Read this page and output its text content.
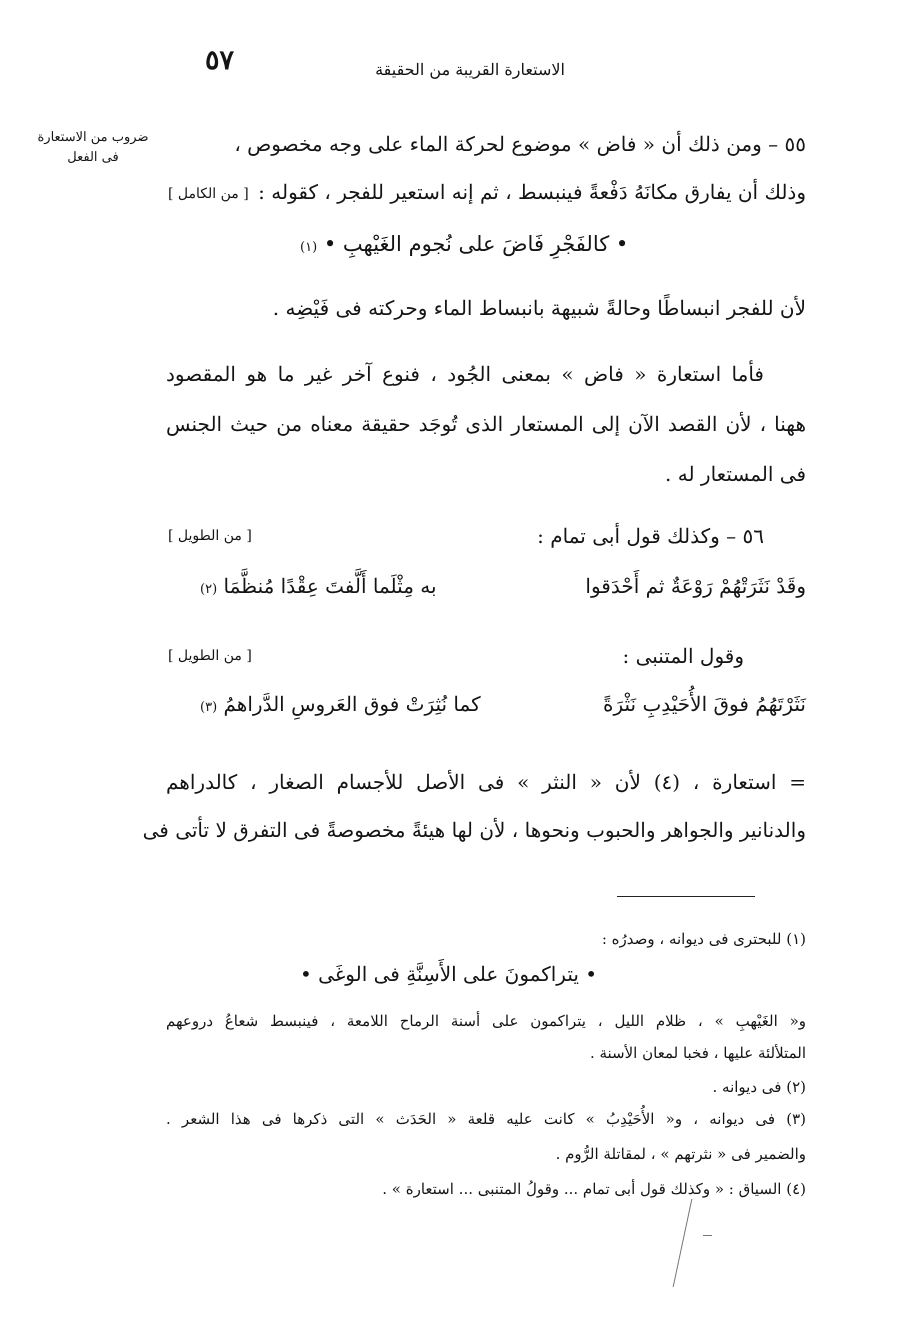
٥٧	الاستعارة القريبة من الحقيقة
ضروب من الاستعارة فى الفعل
٥٥ – ومن ذلك أن « فاض » موضوع لحركة الماء على وجه مخصوص ،
وذلك أن يفارق مكانَهُ دَفْعةً فينبسط ، ثم إنه استعير للفجر ، كقوله :
[ من الكامل ]
• كالفَجْرِ فَاضَ على نُجوم الغَيْهبِ • (١)
لأن للفجر انبساطًا وحالةً شبيهة بانبساط الماء وحركته فى فَيْضِه .
فأما استعارة « فاض » بمعنى الجُود ، فنوع آخر غير ما هو المقصود
ههنا ، لأن القصد الآن إلى المستعار الذى تُوجَد حقيقة معناه من حيث الجنس
فى المستعار له .
٥٦ – وكذلك قول أبى تمام :
[ من الطويل ]
وقَدْ نَثَرَتْهُمْ رَوْعَةٌ ثم أَحْدَقوا
به مِثْلَما أَلَّفتَ عِقْدًا مُنظَّمَا (٢)
وقول المتنبى :
[ من الطويل ]
نَثَرْتَهُمُ فوقَ الأُحَيْدِبِ نَثْرَةً
كما نُثِرَتْ فوق العَروسِ الدَّراهمُ (٣)
= استعارة ، (٤) لأن « النثر » فى الأصل للأجسام الصغار ، كالدراهم
والدنانير والجواهر والحبوب ونحوها ، لأن لها هيئةً مخصوصةً فى التفرق لا تأتى فى
(١) للبحترى فى ديوانه ، وصدرُه :
• يتراكمونَ على الأَسِنَّةِ فى الوغَى •
و« الغَيْهبِ » ، ظلام الليل ، يتراكمون على أسنة الرماح اللامعة ، فينبسط شعاعُ دروعهم
المتلألئة عليها ، فخبا لمعان الأسنة .
(٢) فى ديوانه .
(٣) فى ديوانه ، و« الأُحَيْدِبُ » كانت عليه قلعة « الحَدَث » التى ذكرها فى هذا الشعر .
والضمير فى « نثرتهم » ، لمقاتلة الرُّوم .
(٤) السياق : « وكذلك قول أبى تمام ... وقولُ المتنبى ... استعارة » .
